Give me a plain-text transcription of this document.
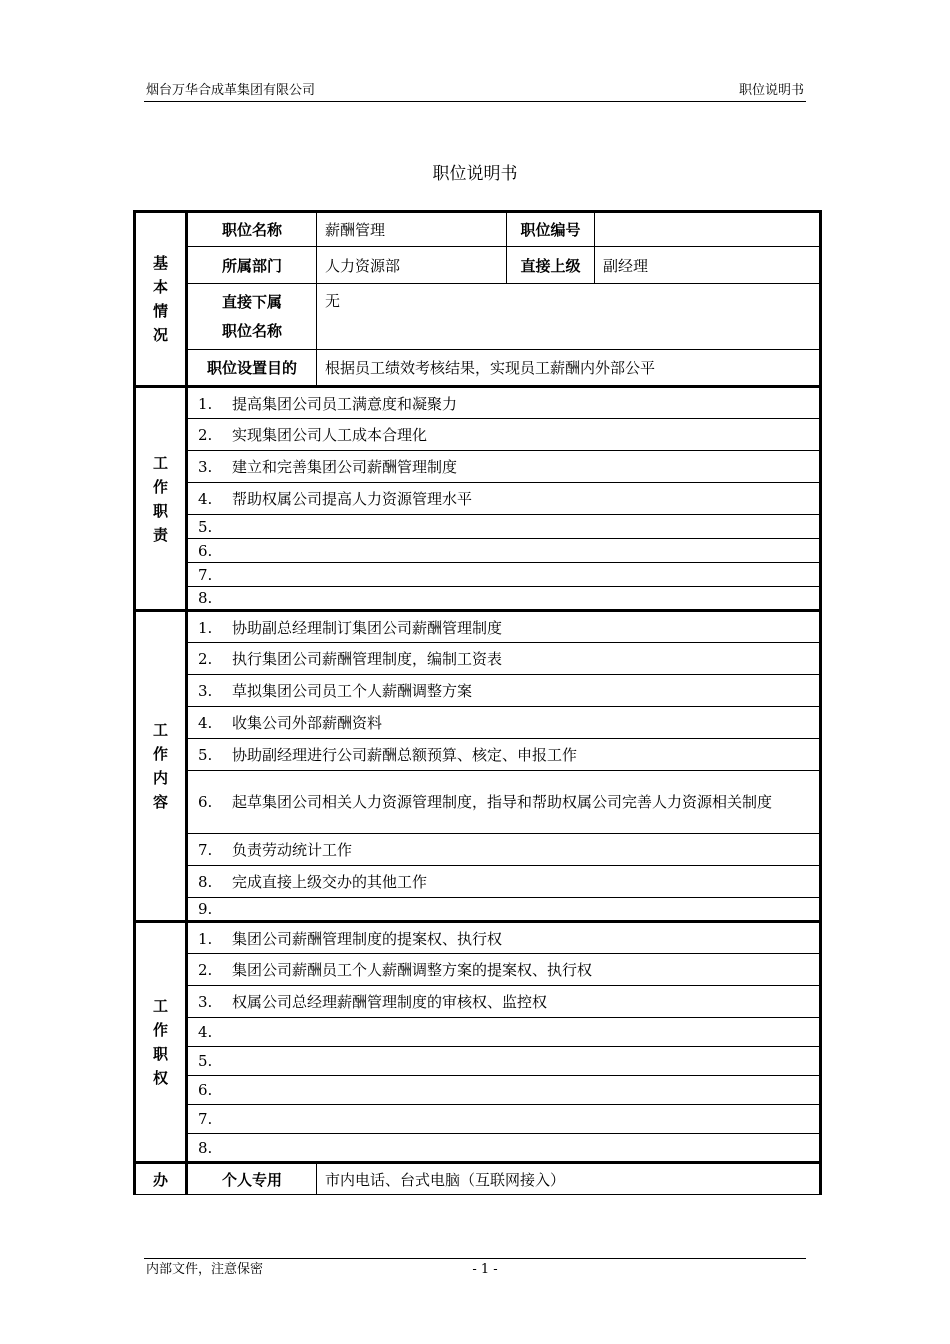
烟台万华合成革集团有限公司	职位说明书
职位说明书
基
本
情
况	职位名称	薪酬管理	职位编号	
	所属部门	人力资源部	直接上级	副经理

	直接下属
职位名称	无		
	职位设置目的	根据员工绩效考核结果，实现员工薪酬内外部公平		

工
作
职
责	1. 提高集团公司员工满意度和凝聚力			
	2. 实现集团公司人工成本合理化			
	3. 建立和完善集团公司薪酬管理制度			
	4. 帮助权属公司提高人力资源管理水平			
	5.			
	6.			
	7.			
	8.			

工
作
内
容	1. 协助副总经理制订集团公司薪酬管理制度			
	2. 执行集团公司薪酬管理制度，编制工资表			
	3. 草拟集团公司员工个人薪酬调整方案			
	4. 收集公司外部薪酬资料			
	5. 协助副经理进行公司薪酬总额预算、核定、申报工作			
	6. 起草集团公司相关人力资源管理制度，指导和帮助权属公司完善人力资源相关制度			
	7. 负责劳动统计工作			
	8. 完成直接上级交办的其他工作			
	9.			

工
作
职
权	1. 集团公司薪酬管理制度的提案权、执行权			
	2. 集团公司薪酬员工个人薪酬调整方案的提案权、执行权			
	3. 权属公司总经理薪酬管理制度的审核权、监控权			
	4.			
	5.			
	6.			
	7.			
	8.			
办	个人专用	市内电话、台式电脑（互联网接入）		
内部文件，注意保密	- 1 -
